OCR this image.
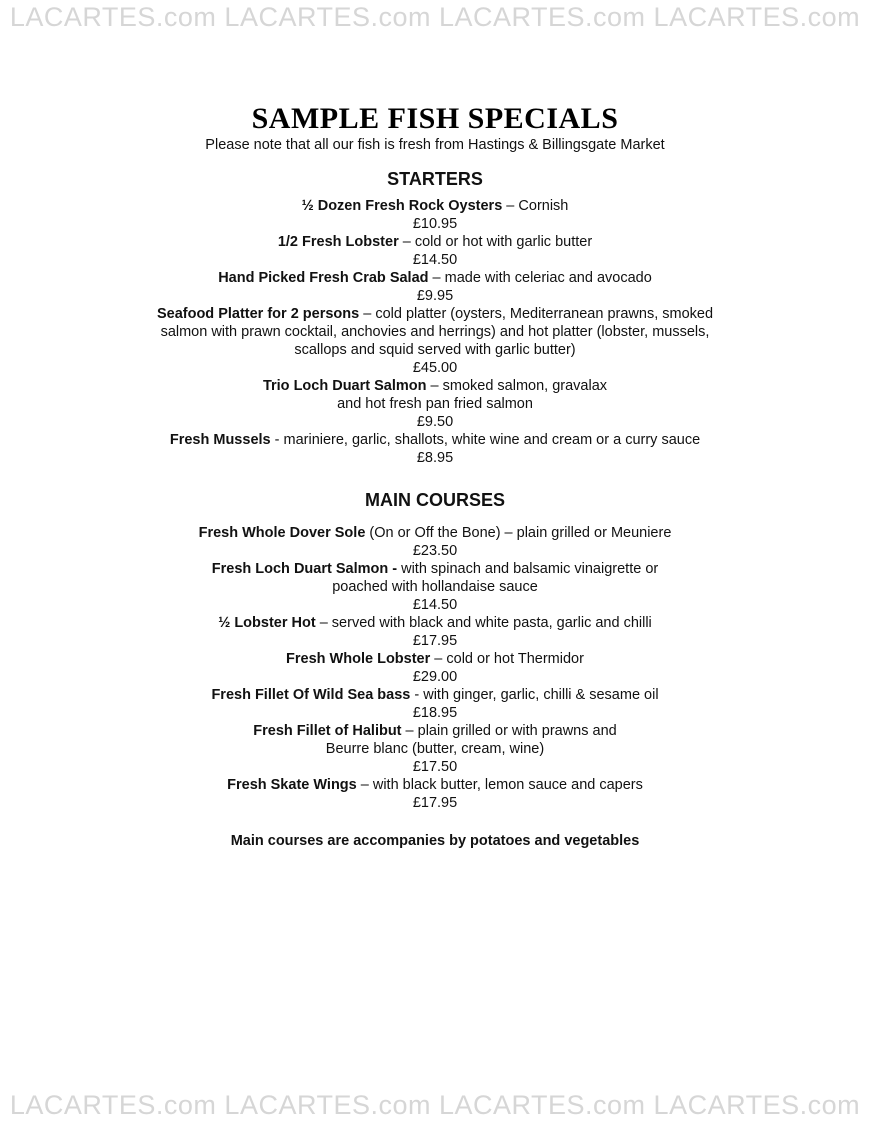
LACARTES.com LACARTES.com LACARTES.com LACARTES.com
SAMPLE FISH SPECIALS

Please note that all our fish is fresh from Hastings & Billingsgate Market

STARTERS

½ Dozen Fresh Rock Oysters – Cornish

£10.95

1/2 Fresh Lobster – cold or hot with garlic butter

£14.50

Hand Picked Fresh Crab Salad – made with celeriac and avocado

£9.95

Seafood Platter for 2 persons – cold platter (oysters, Mediterranean prawns, smoked

salmon with prawn cocktail, anchovies and herrings) and hot platter (lobster, mussels,

scallops and squid served with garlic butter)

£45.00

Trio Loch Duart Salmon – smoked salmon, gravalax

and hot fresh pan fried salmon

£9.50

Fresh Mussels - mariniere, garlic, shallots, white wine and cream or a curry sauce

£8.95

MAIN COURSES

Fresh Whole Dover Sole (On or Off the Bone) – plain grilled or Meuniere

£23.50

Fresh Loch Duart Salmon - with spinach and balsamic vinaigrette or

poached with hollandaise sauce

£14.50

½ Lobster Hot – served with black and white pasta, garlic and chilli

£17.95

Fresh Whole Lobster – cold or hot Thermidor

£29.00

Fresh Fillet Of Wild Sea bass - with ginger, garlic, chilli & sesame oil

£18.95

Fresh Fillet of Halibut – plain grilled or with prawns and

Beurre blanc (butter, cream, wine)

£17.50

Fresh Skate Wings – with black butter, lemon sauce and capers

£17.95

Main courses are accompanies by potatoes and vegetables
LACARTES.com LACARTES.com LACARTES.com LACARTES.com
